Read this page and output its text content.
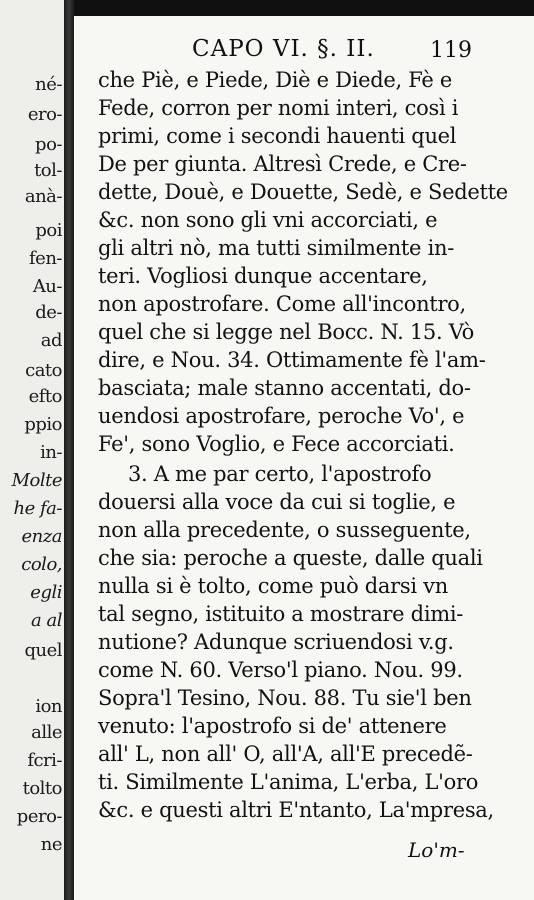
né-
ero-
po-
tol-
anà-
poi
fen-
Au-
de-
ad
cato
efto
ppio
in-
Molte
he fa-
enza
colo,
egli
a al
quel
ion
alle
fcri-
tolto
pero-
ne
CAPO VI. §. II.	119
che Piè, e Piede, Diè e Diede, Fè e
Fede, corron per nomi interi, così i
primi, come i secondi hauenti quel
De per giunta. Altresì Crede, e Cre-
dette, Douè, e Douette, Sedè, e Sedette
&c. non sono gli vni accorciati, e
gli altri nò, ma tutti similmente in-
teri. Vogliosi dunque accentare,
non apostrofare. Come all'incontro,
quel che si legge nel Bocc. N. 15. Vò
dire, e Nou. 34. Ottimamente fè l'am-
basciata; male stanno accentati, do-
uendosi apostrofare, peroche Vo', e
Fe', sono Voglio, e Fece accorciati.
3. A me par certo, l'apostrofo
douersi alla voce da cui si toglie, e
non alla precedente, o susseguente,
che sia: peroche a queste, dalle quali
nulla si è tolto, come può darsi vn
tal segno, istituito a mostrare dimi-
nutione? Adunque scriuendosi v.g.
come N. 60. Verso'l piano. Nou. 99.
Sopra'l Tesino, Nou. 88. Tu sie'l ben
venuto: l'apostrofo si de' attenere
all' L, non all' O, all'A, all'E precedẽ-
ti. Similmente L'anima, L'erba, L'oro
&c. e questi altri E'ntanto, La'mpresa,
Lo'm-
